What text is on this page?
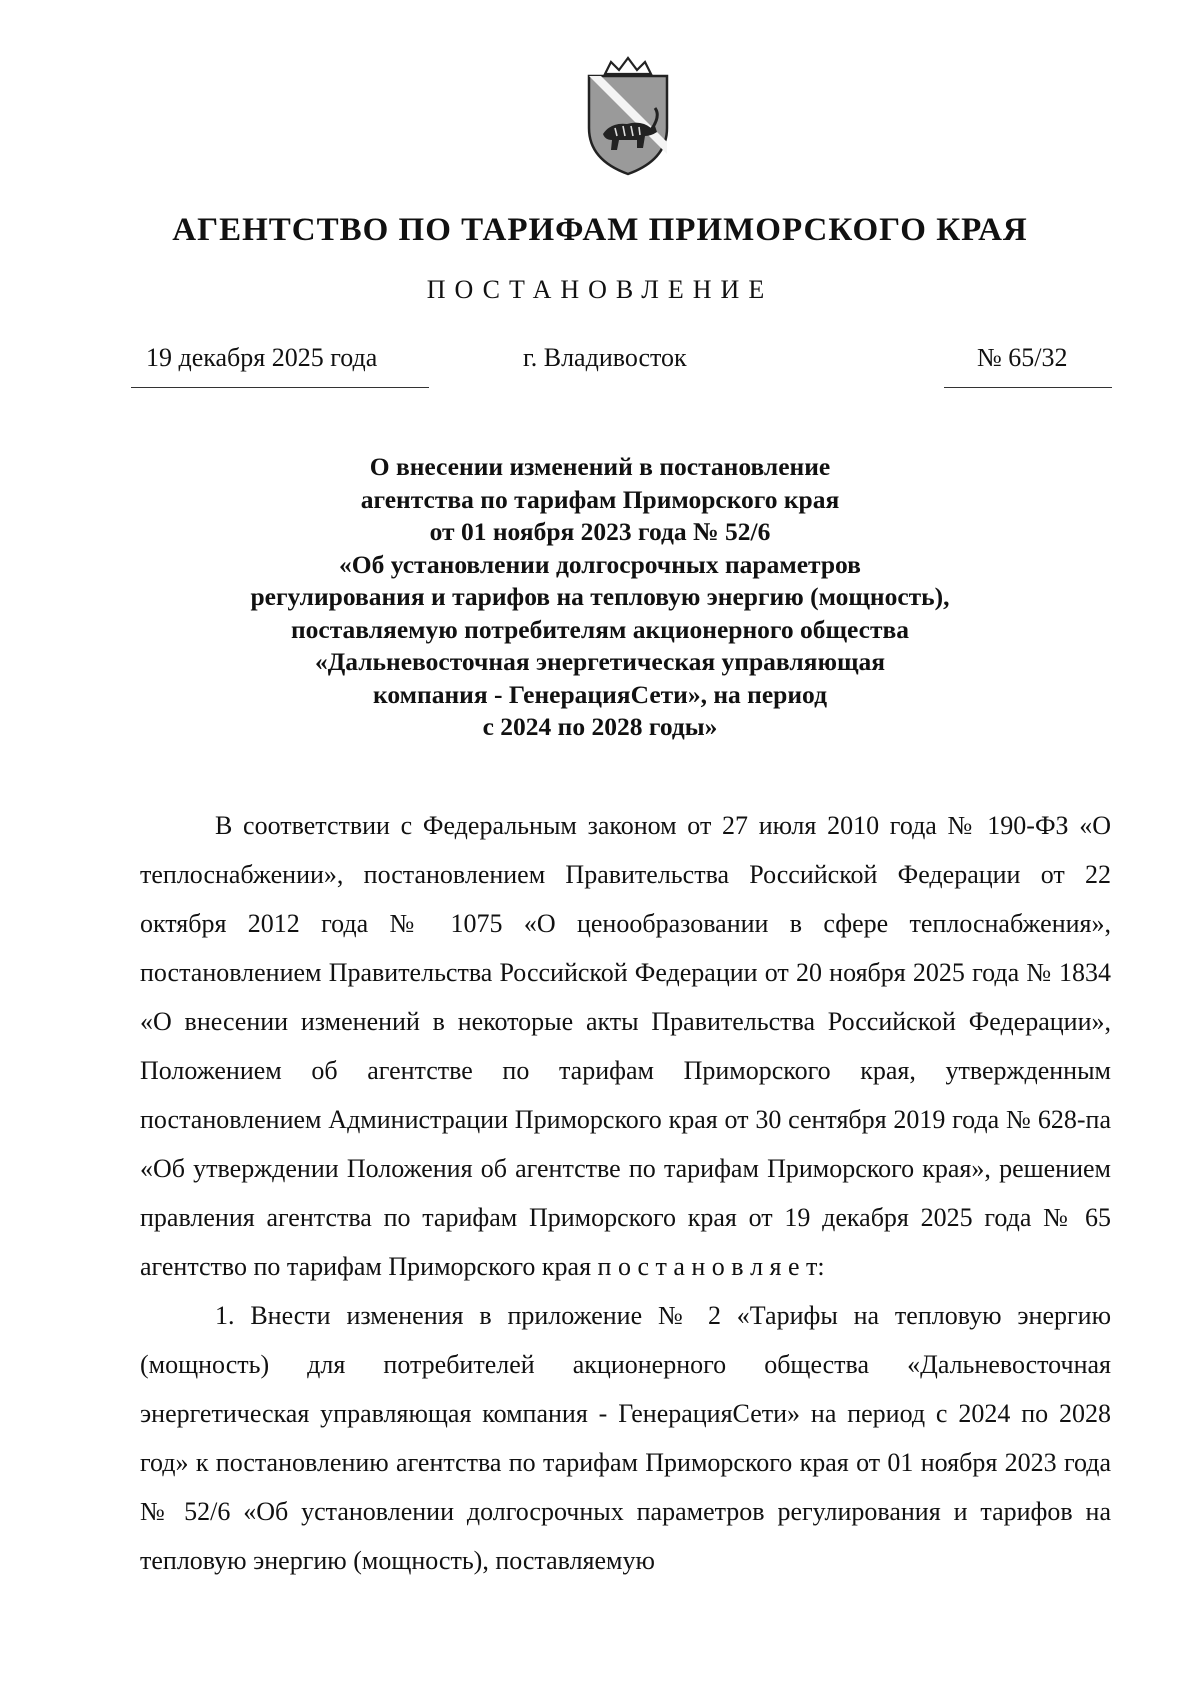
АГЕНТСТВО ПО ТАРИФАМ ПРИМОРСКОГО КРАЯ
ПОСТАНОВЛЕНИЕ
19 декабря 2025 года	г. Владивосток	№ 65/32
О внесении изменений в постановление
агентства по тарифам Приморского края
от 01 ноября 2023 года № 52/6
«Об установлении долгосрочных параметров
регулирования и тарифов на тепловую энергию (мощность),
поставляемую потребителям акционерного общества
«Дальневосточная энергетическая управляющая
компания - ГенерацияСети», на период
с 2024 по 2028 годы»

В соответствии с Федеральным законом от 27 июля 2010 года № 190-ФЗ «О теплоснабжении», постановлением Правительства Российской Федерации от 22 октября 2012 года № 1075 «О ценообразовании в сфере теплоснабжения», постановлением Правительства Российской Федерации от 20 ноября 2025 года № 1834 «О внесении изменений в некоторые акты Правительства Российской Федерации», Положением об агентстве по тарифам Приморского края, утвержденным постановлением Администрации Приморского края от 30 сентября 2019 года № 628-па «Об утверждении Положения об агентстве по тарифам Приморского края», решением правления агентства по тарифам Приморского края от 19 декабря 2025 года № 65 агентство по тарифам Приморского края п о с т а н о в л я е т:

1. Внести изменения в приложение № 2 «Тарифы на тепловую энергию (мощность) для потребителей акционерного общества «Дальневосточная энергетическая управляющая компания - ГенерацияСети» на период с 2024 по 2028 год» к постановлению агентства по тарифам Приморского края от 01 ноября 2023 года № 52/6 «Об установлении долгосрочных параметров регулирования и тарифов на тепловую энергию (мощность), поставляемую
